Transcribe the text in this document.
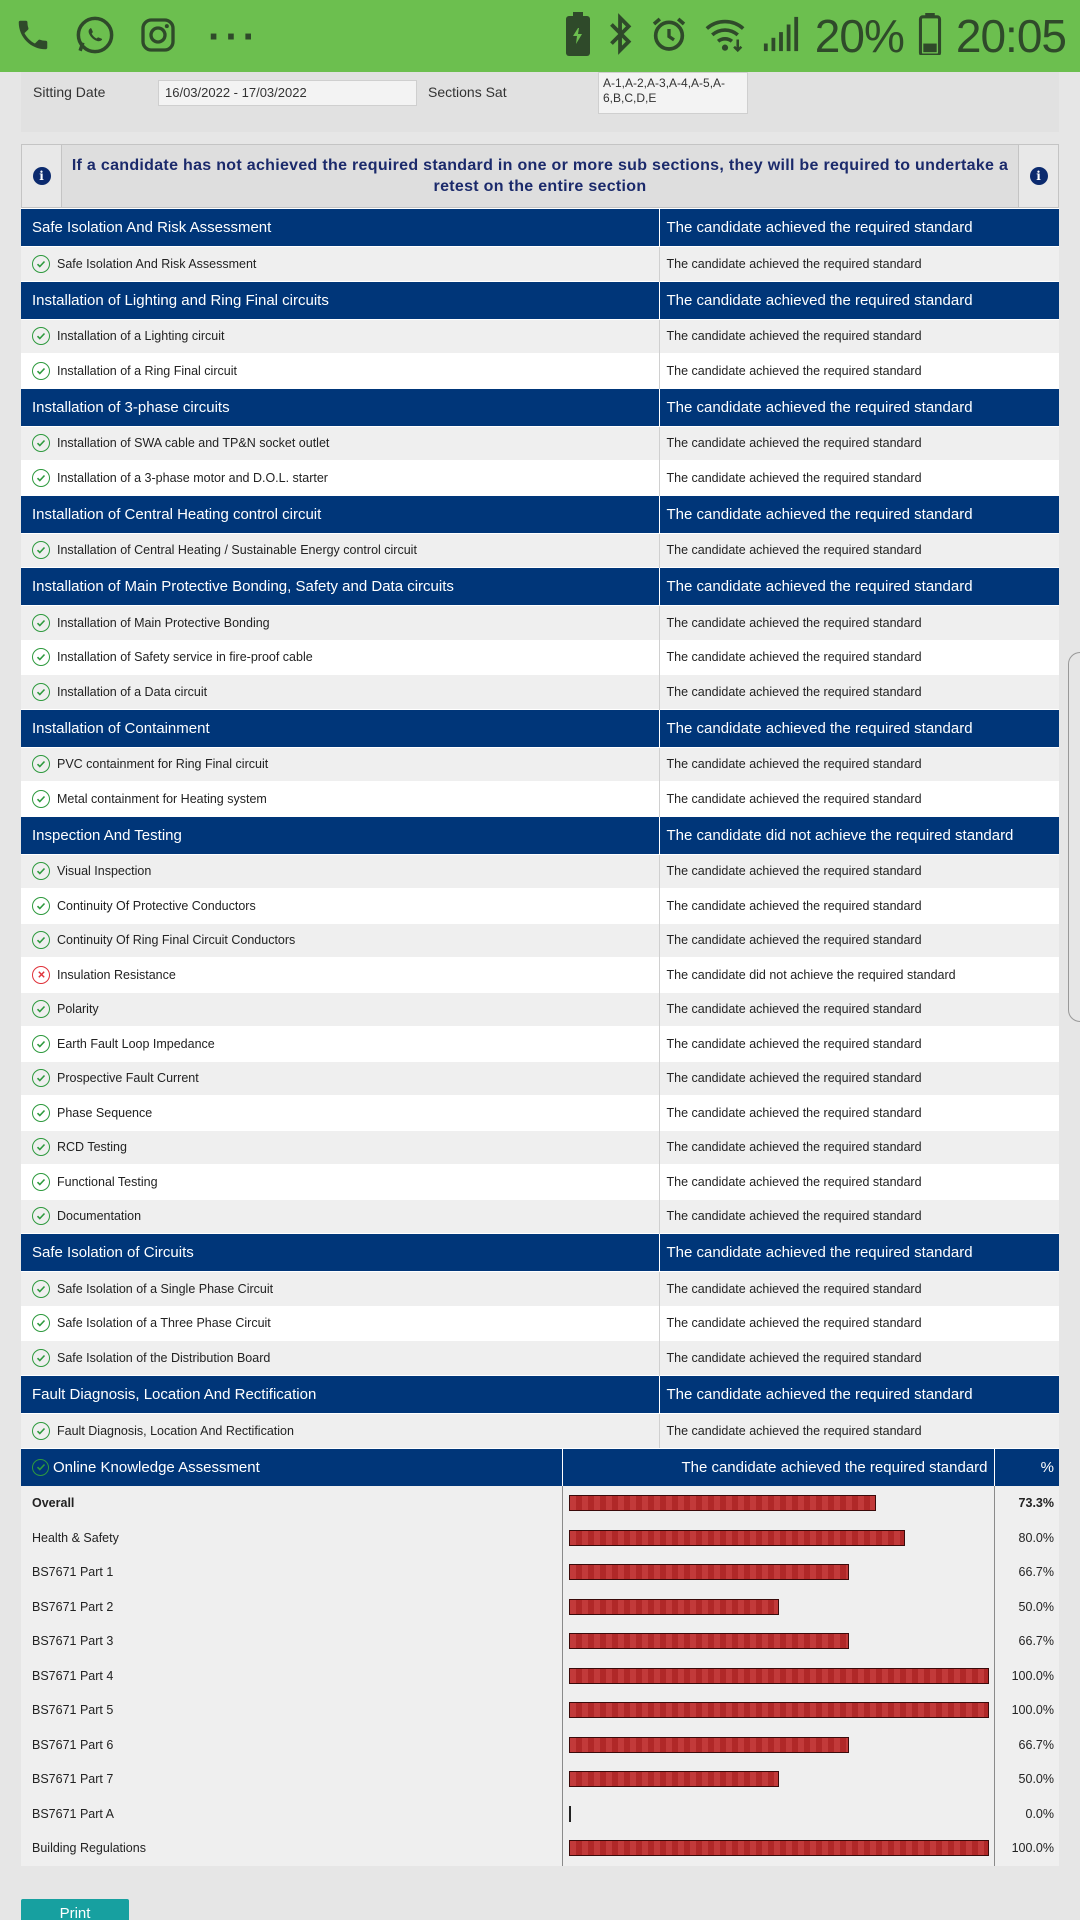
···	20% 20:05
Sitting Date	16/03/2022 - 17/03/2022	Sections Sat
A-1,A-2,A-3,A-4,A-5,A-6,B,C,D,E
i
If a candidate has not achieved the required standard in one or more sub sections, they will be required to undertake a retest on the entire section
i
Safe Isolation And Risk Assessment	The candidate achieved the required standard

Safe Isolation And Risk Assessment	The candidate achieved the required standard
Installation of Lighting and Ring Final circuits	The candidate achieved the required standard

Installation of a Lighting circuit	The candidate achieved the required standard

Installation of a Ring Final circuit	The candidate achieved the required standard
Installation of 3-phase circuits	The candidate achieved the required standard

Installation of SWA cable and TP&N socket outlet	The candidate achieved the required standard

Installation of a 3-phase motor and D.O.L. starter	The candidate achieved the required standard
Installation of Central Heating control circuit	The candidate achieved the required standard

Installation of Central Heating / Sustainable Energy control circuit	The candidate achieved the required standard
Installation of Main Protective Bonding, Safety and Data circuits	The candidate achieved the required standard

Installation of Main Protective Bonding	The candidate achieved the required standard

Installation of Safety service in fire-proof cable	The candidate achieved the required standard

Installation of a Data circuit	The candidate achieved the required standard
Installation of Containment	The candidate achieved the required standard

PVC containment for Ring Final circuit	The candidate achieved the required standard

Metal containment for Heating system	The candidate achieved the required standard
Inspection And Testing	The candidate did not achieve the required standard

Visual Inspection	The candidate achieved the required standard

Continuity Of Protective Conductors	The candidate achieved the required standard

Continuity Of Ring Final Circuit Conductors	The candidate achieved the required standard

Insulation Resistance	The candidate did not achieve the required standard

Polarity	The candidate achieved the required standard

Earth Fault Loop Impedance	The candidate achieved the required standard

Prospective Fault Current	The candidate achieved the required standard

Phase Sequence	The candidate achieved the required standard

RCD Testing	The candidate achieved the required standard

Functional Testing	The candidate achieved the required standard

Documentation	The candidate achieved the required standard
Safe Isolation of Circuits	The candidate achieved the required standard

Safe Isolation of a Single Phase Circuit	The candidate achieved the required standard

Safe Isolation of a Three Phase Circuit	The candidate achieved the required standard

Safe Isolation of the Distribution Board	The candidate achieved the required standard
Fault Diagnosis, Location And Rectification	The candidate achieved the required standard

Fault Diagnosis, Location And Rectification	The candidate achieved the required standard
Online Knowledge Assessment	The candidate achieved the required standard	%
Overall		73.3%
Health & Safety		80.0%
BS7671 Part 1		66.7%
BS7671 Part 2		50.0%
BS7671 Part 3		66.7%
BS7671 Part 4		100.0%
BS7671 Part 5		100.0%
BS7671 Part 6		66.7%
BS7671 Part 7		50.0%
BS7671 Part A		0.0%
Building Regulations		100.0%
Print
